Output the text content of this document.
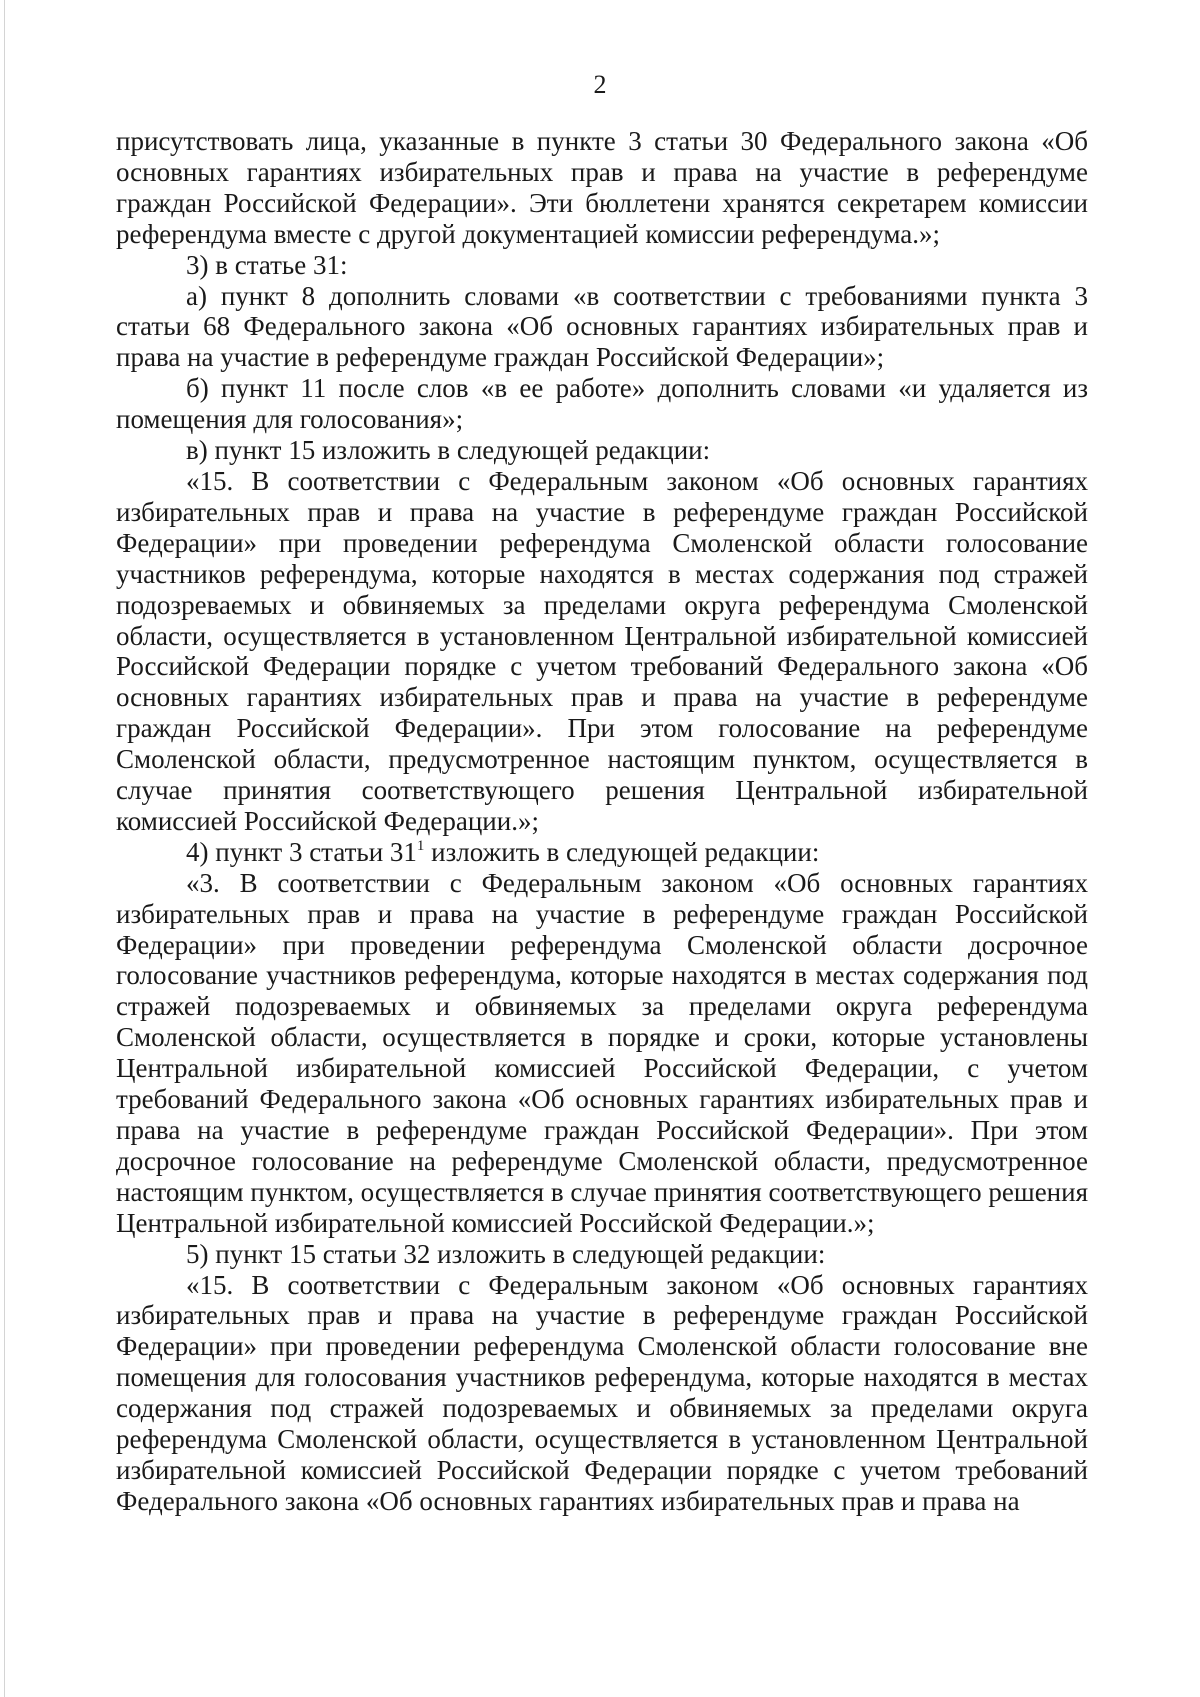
2

присутствовать лица, указанные в пункте 3 статьи 30 Федерального закона «Об основных гарантиях избирательных прав и права на участие в референдуме граждан Российской Федерации». Эти бюллетени хранятся секретарем комиссии референдума вместе с другой документацией комиссии референдума.»;

3) в статье 31:

а) пункт 8 дополнить словами «в соответствии с требованиями пункта 3 статьи 68 Федерального закона «Об основных гарантиях избирательных прав и права на участие в референдуме граждан Российской Федерации»;

б) пункт 11 после слов «в ее работе» дополнить словами «и удаляется из помещения для голосования»;

в) пункт 15 изложить в следующей редакции:

«15. В соответствии с Федеральным законом «Об основных гарантиях избирательных прав и права на участие в референдуме граждан Российской Федерации» при проведении референдума Смоленской области голосование участников референдума, которые находятся в местах содержания под стражей подозреваемых и обвиняемых за пределами округа референдума Смоленской области, осуществляется в установленном Центральной избирательной комиссией Российской Федерации порядке с учетом требований Федерального закона «Об основных гарантиях избирательных прав и права на участие в референдуме граждан Российской Федерации». При этом голосование на референдуме Смоленской области, предусмотренное настоящим пунктом, осуществляется в случае принятия соответствующего решения Центральной избирательной комиссией Российской Федерации.»;

4) пункт 3 статьи $31^1$ изложить в следующей редакции:

«3. В соответствии с Федеральным законом «Об основных гарантиях избирательных прав и права на участие в референдуме граждан Российской Федерации» при проведении референдума Смоленской области досрочное голосование участников референдума, которые находятся в местах содержания под стражей подозреваемых и обвиняемых за пределами округа референдума Смоленской области, осуществляется в порядке и сроки, которые установлены Центральной избирательной комиссией Российской Федерации, с учетом требований Федерального закона «Об основных гарантиях избирательных прав и права на участие в референдуме граждан Российской Федерации». При этом досрочное голосование на референдуме Смоленской области, предусмотренное настоящим пунктом, осуществляется в случае принятия соответствующего решения Центральной избирательной комиссией Российской Федерации.»;

5) пункт 15 статьи 32 изложить в следующей редакции:

«15. В соответствии с Федеральным законом «Об основных гарантиях избирательных прав и права на участие в референдуме граждан Российской Федерации» при проведении референдума Смоленской области голосование вне помещения для голосования участников референдума, которые находятся в местах содержания под стражей подозреваемых и обвиняемых за пределами округа референдума Смоленской области, осуществляется в установленном Центральной избирательной комиссией Российской Федерации порядке с учетом требований Федерального закона «Об основных гарантиях избирательных прав и права на
